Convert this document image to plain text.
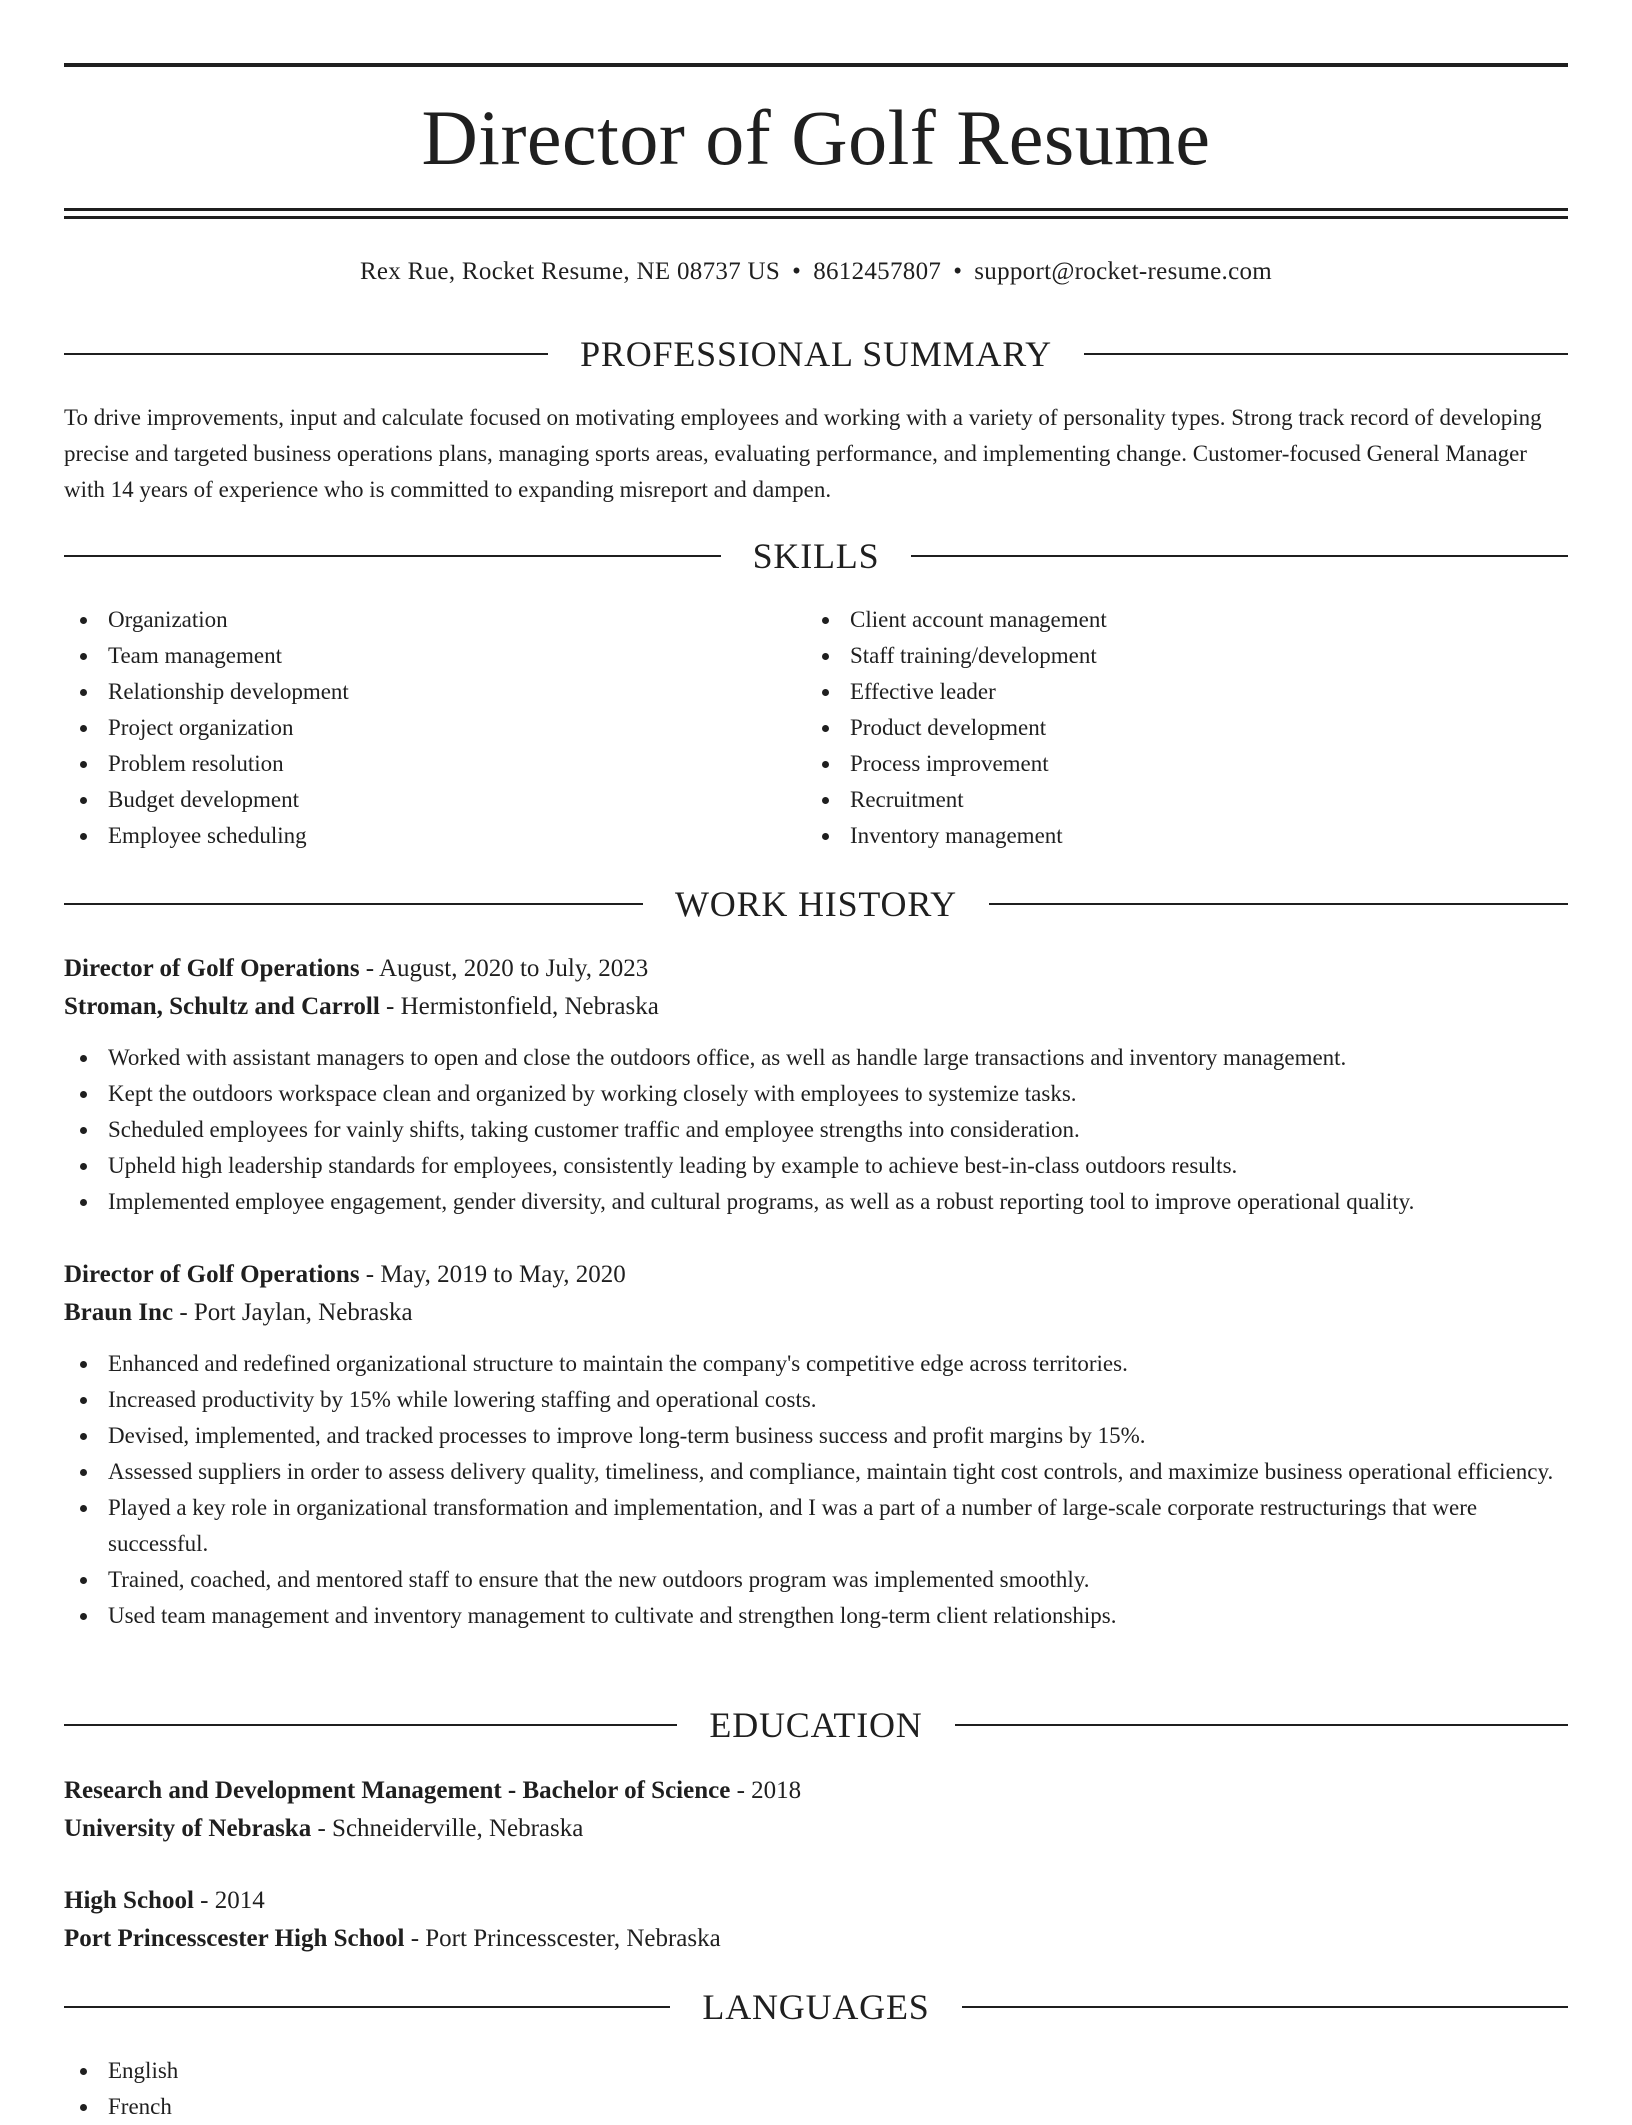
Director of Golf Resume
Rex Rue, Rocket Resume, NE 08737 US • 8612457807 • support@rocket-resume.com
PROFESSIONAL SUMMARY

To drive improvements, input and calculate focused on motivating employees and working with a variety of personality types. Strong track record of developing precise and targeted business operations plans, managing sports areas, evaluating performance, and implementing change. Customer-focused General Manager with 14 years of experience who is committed to expanding misreport and dampen.

SKILLS
Organization
Team management
Relationship development
Project organization
Problem resolution
Budget development
Employee scheduling
Client account management
Staff training/development
Effective leader
Product development
Process improvement
Recruitment
Inventory management
WORK HISTORY

Director of Golf Operations - August, 2020 to July, 2023

Stroman, Schultz and Carroll - Hermistonfield, Nebraska

Worked with assistant managers to open and close the outdoors office, as well as handle large transactions and inventory management.
Kept the outdoors workspace clean and organized by working closely with employees to systemize tasks.
Scheduled employees for vainly shifts, taking customer traffic and employee strengths into consideration.
Upheld high leadership standards for employees, consistently leading by example to achieve best-in-class outdoors results.
Implemented employee engagement, gender diversity, and cultural programs, as well as a robust reporting tool to improve operational quality.

Director of Golf Operations - May, 2019 to May, 2020

Braun Inc - Port Jaylan, Nebraska

Enhanced and redefined organizational structure to maintain the company's competitive edge across territories.
Increased productivity by 15% while lowering staffing and operational costs.
Devised, implemented, and tracked processes to improve long-term business success and profit margins by 15%.
Assessed suppliers in order to assess delivery quality, timeliness, and compliance, maintain tight cost controls, and maximize business operational efficiency.
Played a key role in organizational transformation and implementation, and I was a part of a number of large-scale corporate restructurings that were successful.
Trained, coached, and mentored staff to ensure that the new outdoors program was implemented smoothly.
Used team management and inventory management to cultivate and strengthen long-term client relationships.
EDUCATION

Research and Development Management - Bachelor of Science - 2018

University of Nebraska - Schneiderville, Nebraska

High School - 2014

Port Princesscester High School - Port Princesscester, Nebraska

LANGUAGES
English
French
